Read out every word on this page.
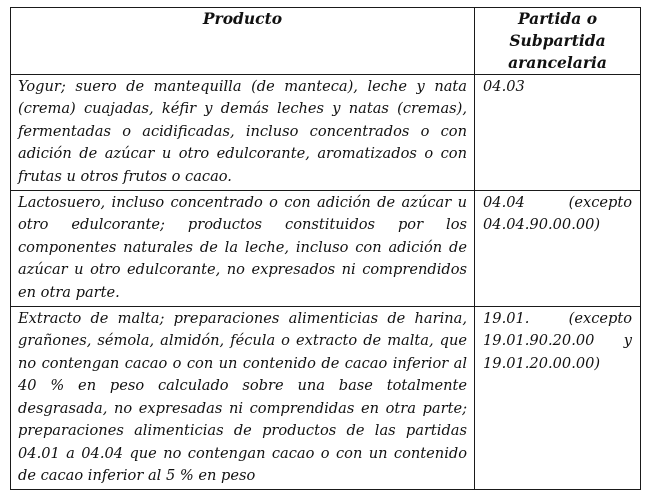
Producto	Partida o
Subpartida
arancelaria

Yogur; suero de mantequilla (de manteca), leche y nata (crema) cuajadas, kéfir y demás leches y natas (cremas), fermentadas o acidificadas, incluso concentrados o con adición de azúcar u otro edulcorante, aromatizados o con frutas u otros frutos o cacao.	04.03
Lactosuero, incluso concentrado o con adición de azúcar u otro edulcorante; productos constituidos por los componentes naturales de la leche, incluso con adición de azúcar u otro edulcorante, no expresados ni comprendidos en otra parte.	04.04 (excepto 04.04.90.00.00)
Extracto de malta; preparaciones alimenticias de harina, grañones, sémola, almidón, fécula o extracto de malta, que no contengan cacao o con un contenido de cacao inferior al 40 % en peso calculado sobre una base totalmente desgrasada, no expresadas ni comprendidas en otra parte; preparaciones alimenticias de productos de las partidas 04.01 a 04.04 que no contengan cacao o con un contenido de cacao inferior al 5 % en peso	19.01. (excepto 19.01.90.20.00 y 19.01.20.00.00)
